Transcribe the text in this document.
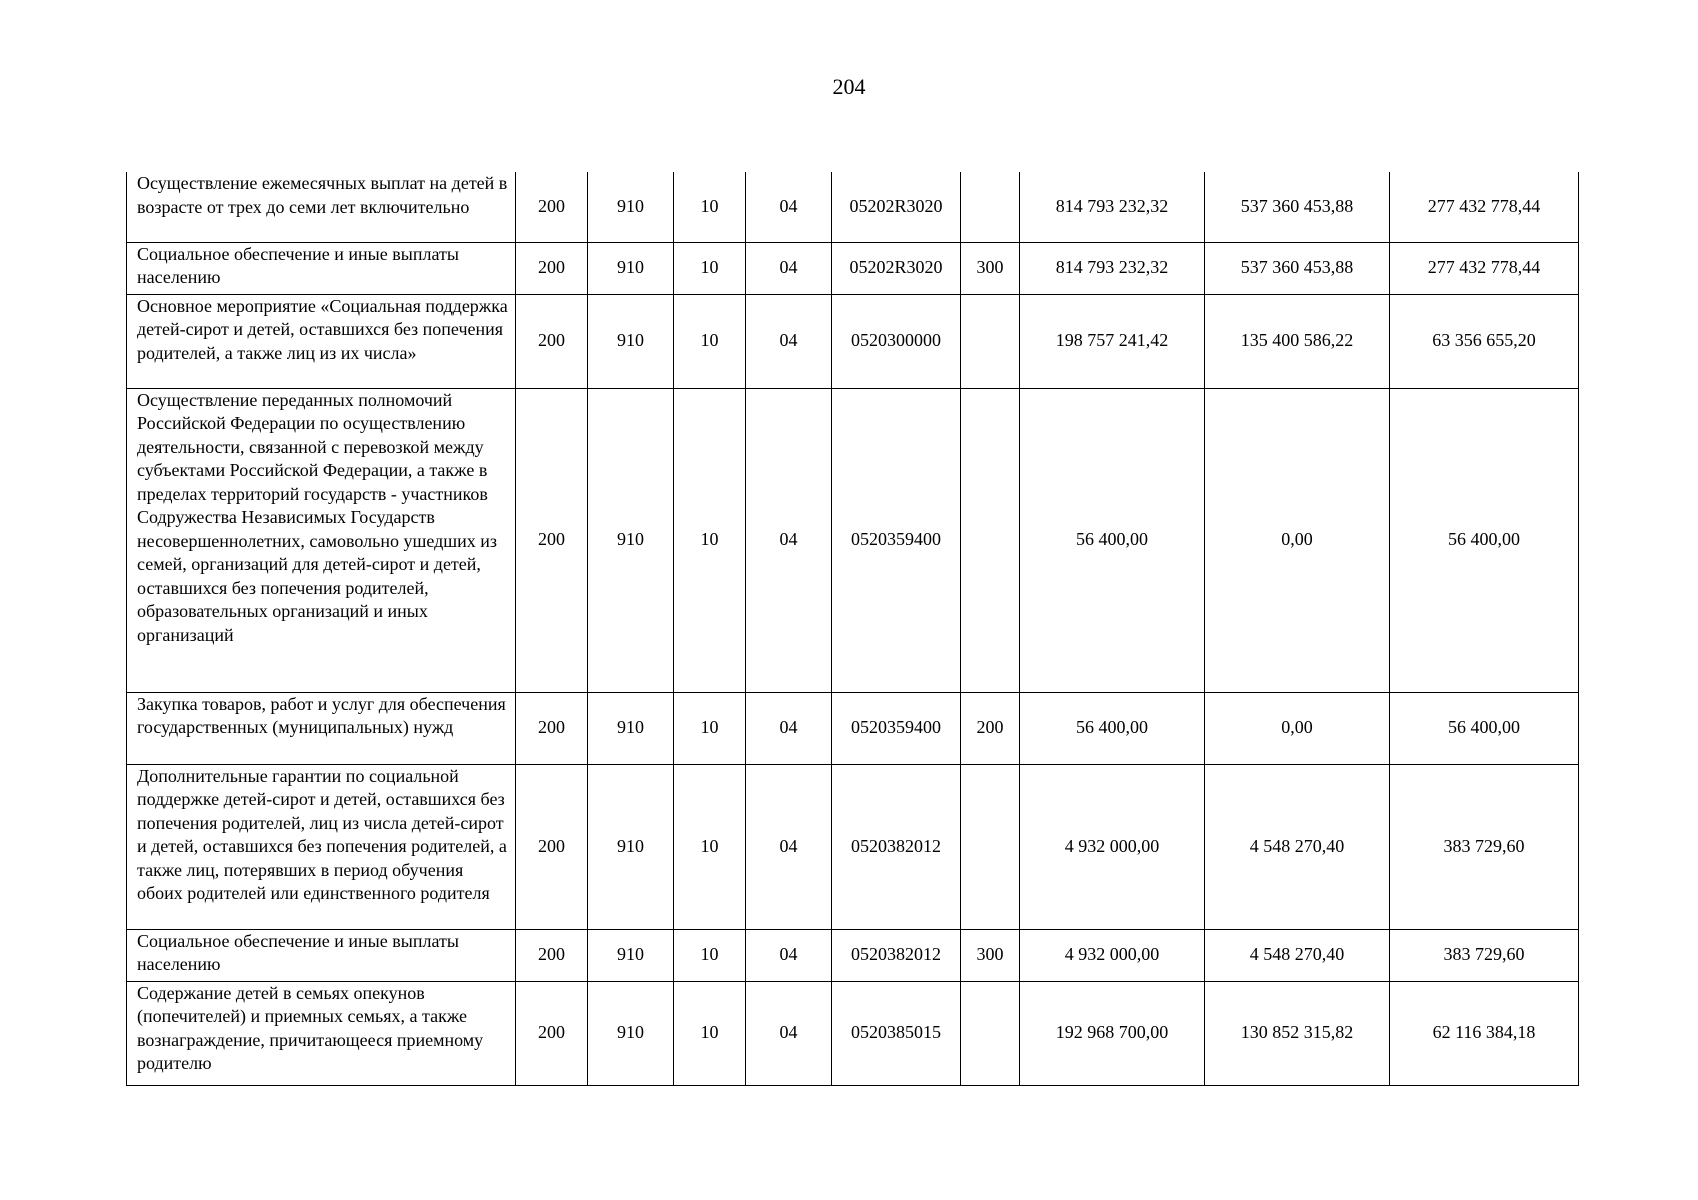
204
Осуществление ежемесячных выплат на детей в возрасте от трех до семи лет включительно	200	910	10	04	05202R3020		814 793 232,32	537 360 453,88	277 432 778,44
Социальное обеспечение и иные выплаты населению	200	910	10	04	05202R3020	300	814 793 232,32	537 360 453,88	277 432 778,44
Основное мероприятие «Социальная поддержка детей-сирот и детей, оставшихся без попечения родителей, а также лиц из их числа»	200	910	10	04	0520300000		198 757 241,42	135 400 586,22	63 356 655,20
Осуществление переданных полномочий Российской Федерации по осуществлению деятельности, связанной с перевозкой между субъектами Российской Федерации, а также в пределах территорий государств - участников Содружества Независимых Государств несовершеннолетних, самовольно ушедших из семей, организаций для детей-сирот и детей, оставшихся без попечения родителей, образовательных организаций и иных организаций	200	910	10	04	0520359400		56 400,00	0,00	56 400,00
Закупка товаров, работ и услуг для обеспечения государственных (муниципальных) нужд	200	910	10	04	0520359400	200	56 400,00	0,00	56 400,00
Дополнительные гарантии по социальной поддержке детей-сирот и детей, оставшихся без попечения родителей, лиц из числа детей-сирот и детей, оставшихся без попечения родителей, а также лиц, потерявших в период обучения обоих родителей или единственного родителя	200	910	10	04	0520382012		4 932 000,00	4 548 270,40	383 729,60
Социальное обеспечение и иные выплаты населению	200	910	10	04	0520382012	300	4 932 000,00	4 548 270,40	383 729,60
Содержание детей в семьях опекунов (попечителей) и приемных семьях, а также вознаграждение, причитающееся приемному родителю	200	910	10	04	0520385015		192 968 700,00	130 852 315,82	62 116 384,18
